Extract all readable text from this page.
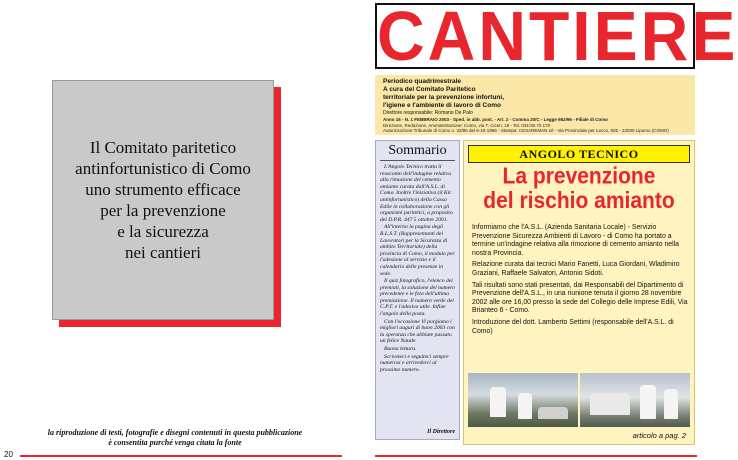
Il Comitato paritetico
antinfortunistico di Como
uno strumento efficace
per la prevenzione
e la sicurezza
nei cantieri
la riproduzione di testi, fotografie e disegni contenuti in questa pubblicazione
è consentita purché venga citata la fonte
20
CANTIERE
Periodico quadrimestrale
A cura del Comitato Paritetico
territoriale per la prevenzione infortuni,
l'igiene e l'ambiente di lavoro di Como
Direttore responsabile: Romano De Palo
Anno 16 - N. 1 FEBBRAIO 2003 - Sped. in abb. post. - Art. 2 - Comma 20/C - Legge 662/96 - Filiale di Como
Direzione, Redazione, Amministrazione: Como, via T. Ciceri, 18 - Tel. 031/30.70.170
Autorizzazione Tribunale di Como n. 32/86 del 6-10-1986 - Stampa: CESAREMAN srl - Via Provinciale per Lecco, 825 - 22030 Lipomo (COMO)
Sommario

L'Angolo Tecnico tratta il resoconto dell'indagine relativa alla rimozione del cemento amianto curata dall'A.S.L. di Como. Inoltre l'iniziativa (il Kit antinfortunistico) della Cassa Edile in collaborazione con gli organismi paritetici, a proposito del D.P.R. 447 5 ottobre 2001.

All'interno la pagina degli R.L.S.T. (Rappresentanti dei Lavoratori per la Sicurezza di ambito Territoriale) della provincia di Como, il modulo per l'adesione al servizio e il calendario delle presenze in sede.

Il quiz fotografico, l'elenco dei premiati, la soluzione del numero precedente e le foto dell'ultima premiazione. Il numero verde del C.P.T. e l'adesivo utile. Infine l'angolo della posta.

Con l'occasione Vi porgiamo i migliori auguri di buon 2003 con la speranza che abbiate passato un felice Natale.

Buona lettura.

Scriveteci e seguiteci sempre numerosi e arrivederci al prossimo numero.

Il Direttore
ANGOLO TECNICO
La prevenzione
del rischio amianto

Informiamo che l'A.S.L. (Azienda Sanitaria Locale) - Servizio Prevenzione Sicurezza Ambienti di Lavoro - di Como ha portato a termine un'indagine relativa alla rimozione di cemento amianto nella nostra Provincia.

Relazione curata dai tecnici Mario Fanetti, Luca Giordani, Wladimiro Graziani, Raffaele Salvatori, Antonio Sidoti.

Tali risultati sono stati presentati, dai Responsabili del Dipartimento di Prevenzione dell'A.S.L., in una riunione tenuta il giorno 28 novembre 2002 alle ore 16,00 presso la sede del Collegio delle Imprese Edili, Via Brianteo 6 - Como.

Introduzione del dott. Lamberto Settimi (responsabile dell'A.S.L. di Como)

articolo a pag. 2
